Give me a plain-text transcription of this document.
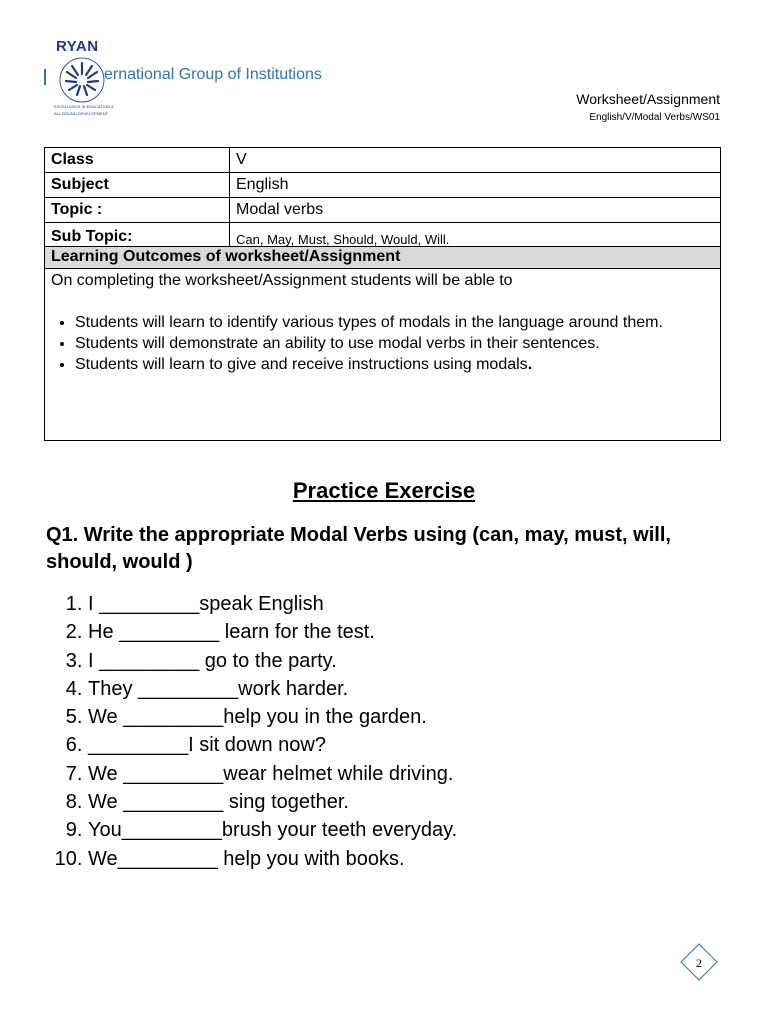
RYAN
EXCELLENCE IN EDUCATION &
ALL ROUND DEVELOPMENT
ernational Group of Institutions
Worksheet/Assignment
English/V/Modal Verbs/WS01
Class	V
Subject	English
Topic :	Modal verbs
Sub Topic:	Can, May, Must, Should, Would, Will.
Learning Outcomes of worksheet/Assignment
On completing the worksheet/Assignment students will be able to
• Students will learn to identify various types of modals in the language around them.
• Students will demonstrate an ability to use modal verbs in their sentences.
• Students will learn to give and receive instructions using modals.
Practice Exercise
Q1. Write the appropriate Modal Verbs using (can, may, must, will, should, would )
1. I _________speak English
2. He _________ learn for the test.
3. I _________ go to the party.
4. They _________work harder.
5. We _________help you in the garden.
6. _________I sit down now?
7. We _________wear helmet while driving.
8. We _________ sing together.
9. You_________brush your teeth everyday.
10. We_________ help you with books.
2
